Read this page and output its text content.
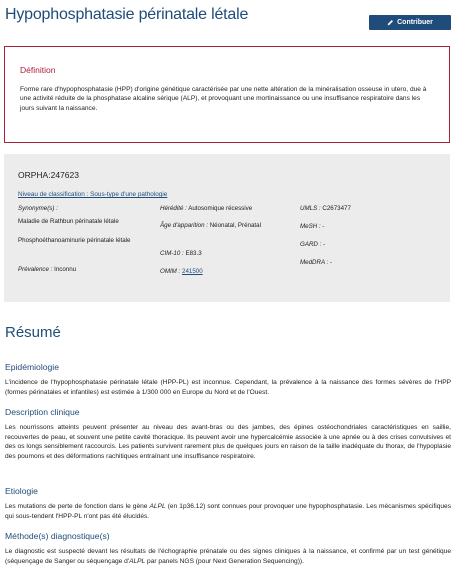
Hypophosphatasie périnatale létale	Contribuer
Définition
Forme rare d'hypophosphatasie (HPP) d'origine génétique caractérisée par une nette altération de la minéralisation osseuse in utero, due à une activité réduite de la phosphatase alcaline sérique (ALP), et provoquant une mortinaissance ou une insuffisance respiratoire dans les jours suivant la naissance.
ORPHA:247623
Niveau de classification : Sous-type d'une pathologie
Synonyme(s) :
Maladie de Rathbun périnatale létale
Phosphoéthanoaminurie périnatale létale
Prévalence : Inconnu
Hérédité : Autosomique récessive
Âge d'apparition : Néonatal, Prénatal
CIM-10 : E83.3
OMIM : 241500
UMLS : C2673477
MeSH : -
GARD : -
MedDRA : -
Résumé
Epidémiologie

L'incidence de l'hypophosphatasie périnatale létale (HPP-PL) est inconnue. Cependant, la prévalence à la naissance des formes sévères de l'HPP (formes périnatales et infantiles) est estimée à 1/300 000 en Europe du Nord et de l'Ouest.

Description clinique

Les nourrissons atteints peuvent présenter au niveau des avant-bras ou des jambes, des épines ostéochondriales caractéristiques en saillie, recouvertes de peau, et souvent une petite cavité thoracique. Ils peuvent avoir une hypercalcémie associée à une apnée ou à des crises convulsives et des os longs sensiblement raccourcis. Les patients survivent rarement plus de quelques jours en raison de la taille inadéquate du thorax, de l'hypoplasie des poumons et des déformations rachitiques entraînant une insuffisance respiratoire.

Etiologie

Les mutations de perte de fonction dans le gène ALPL (en 1p36.12) sont connues pour provoquer une hypophosphatasie. Les mécanismes spécifiques qui sous-tendent l'HPP-PL n'ont pas été élucidés.

Méthode(s) diagnostique(s)

Le diagnostic est suspecté devant les résultats de l'échographie prénatale ou des signes cliniques à la naissance, et confirmé par un test génétique (séquençage de Sanger ou séquençage d'ALPL par panels NGS (pour Next Generation Sequencing)).
